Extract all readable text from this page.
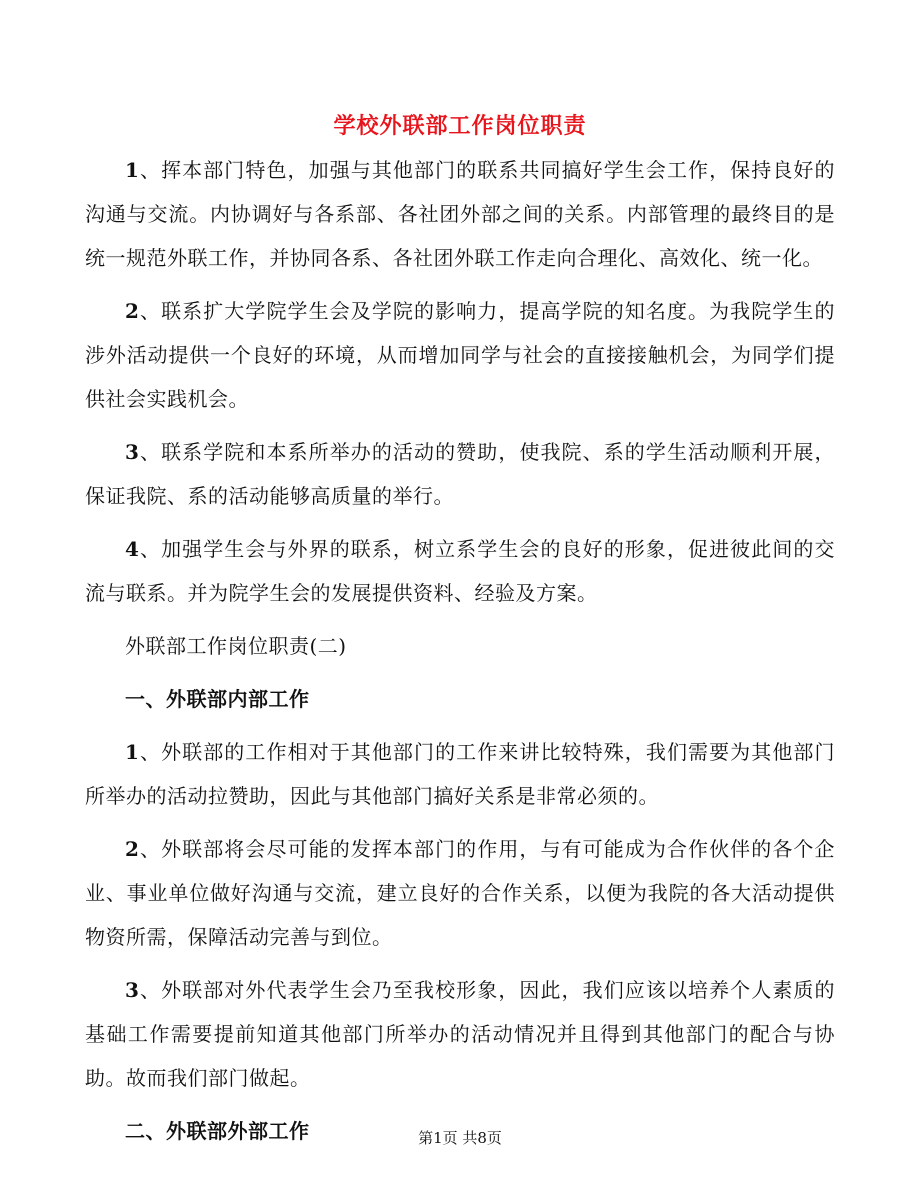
学校外联部工作岗位职责

1、挥本部门特色，加强与其他部门的联系共同搞好学生会工作，保持良好的沟通与交流。内协调好与各系部、各社团外部之间的关系。内部管理的最终目的是统一规范外联工作，并协同各系、各社团外联工作走向合理化、高效化、统一化。

2、联系扩大学院学生会及学院的影响力，提高学院的知名度。为我院学生的涉外活动提供一个良好的环境，从而增加同学与社会的直接接触机会，为同学们提供社会实践机会。

3、联系学院和本系所举办的活动的赞助，使我院、系的学生活动顺利开展，保证我院、系的活动能够高质量的举行。

4、加强学生会与外界的联系，树立系学生会的良好的形象，促进彼此间的交流与联系。并为院学生会的发展提供资料、经验及方案。

外联部工作岗位职责(二)

一、外联部内部工作

1、外联部的工作相对于其他部门的工作来讲比较特殊，我们需要为其他部门所举办的活动拉赞助，因此与其他部门搞好关系是非常必须的。

2、外联部将会尽可能的发挥本部门的作用，与有可能成为合作伙伴的各个企业、事业单位做好沟通与交流，建立良好的合作关系，以便为我院的各大活动提供物资所需，保障活动完善与到位。

3、外联部对外代表学生会乃至我校形象，因此，我们应该以培养个人素质的基础工作需要提前知道其他部门所举办的活动情况并且得到其他部门的配合与协助。故而我们部门做起。

二、外联部外部工作	第1页 共8页
